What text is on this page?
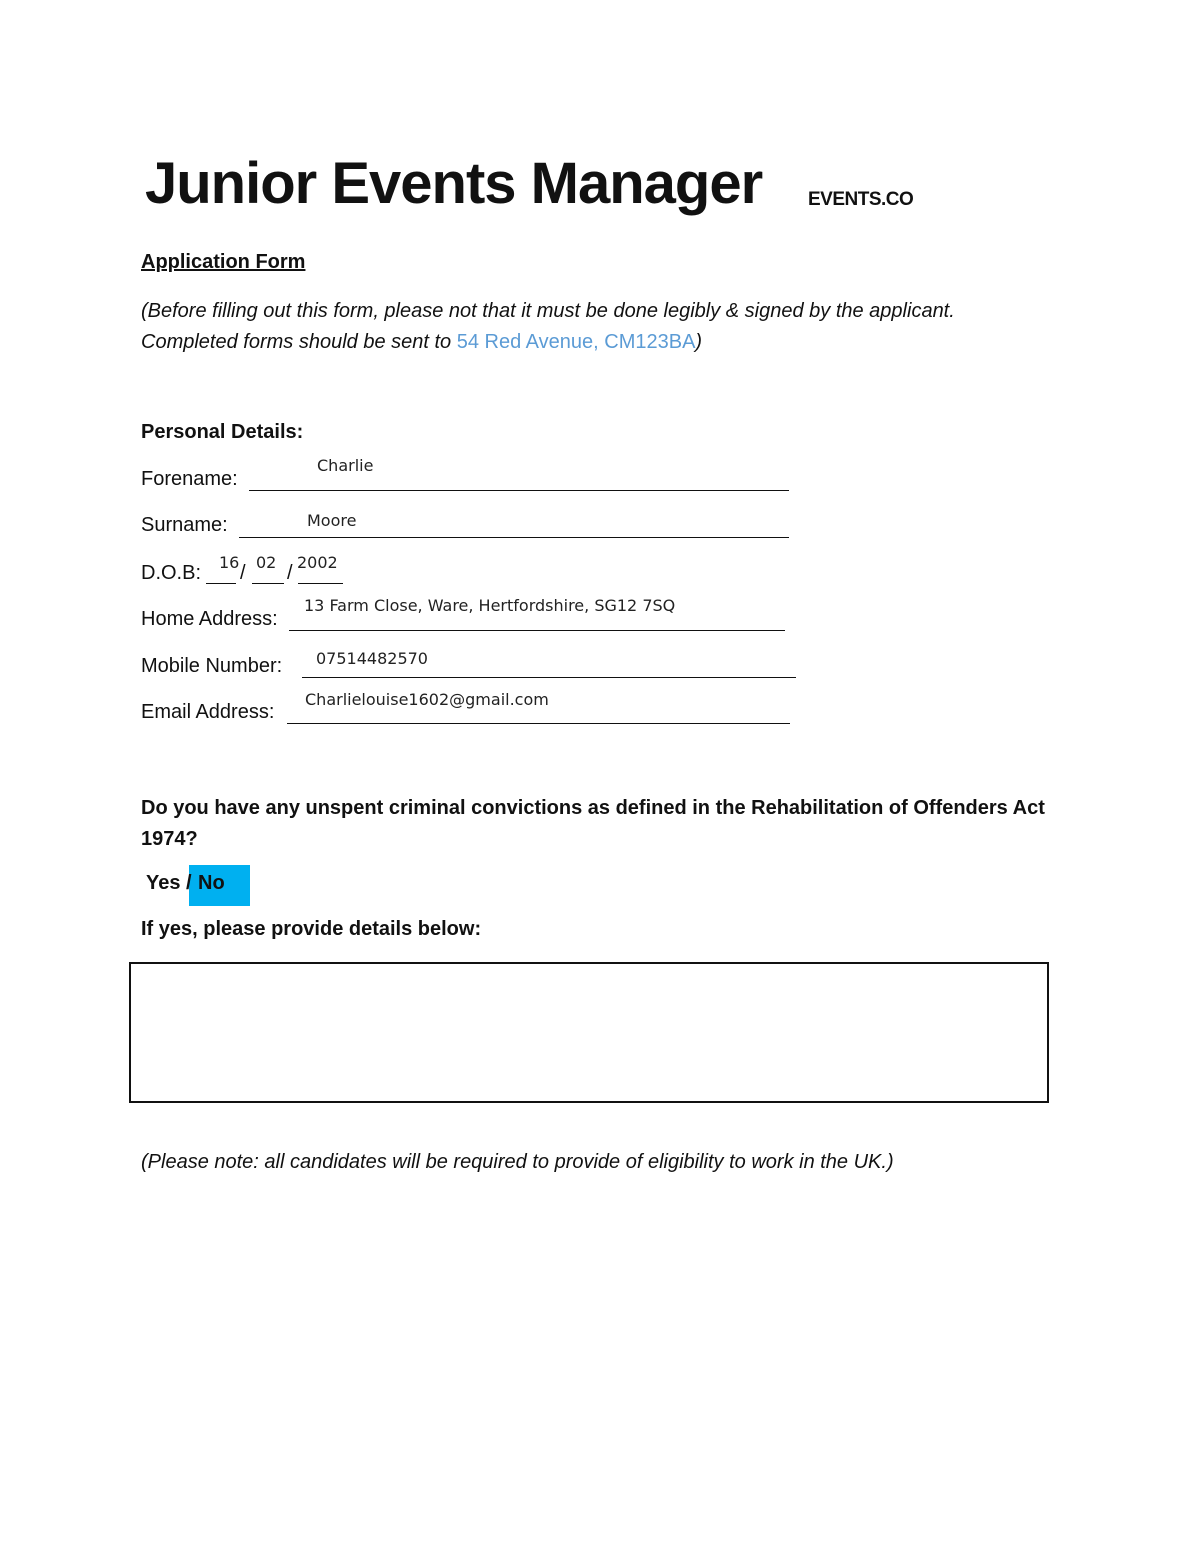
Junior Events Manager EVENTS.CO
Application Form
(Before filling out this form, please not that it must be done legibly & signed by the applicant.
Completed forms should be sent to 54 Red Avenue, CM123BA)
Personal Details:
Forename:
Charlie
Surname:	Moore
D.O.B: / /
16 02 2002
Home Address:
13 Farm Close, Ware, Hertfordshire, SG12 7SQ
Mobile Number: 07514482570
Email Address:
Charlielouise1602@gmail.com
Do you have any unspent criminal convictions as defined in the Rehabilitation of Offenders Act 1974?
Yes / No
If yes, please provide details below:
(Please note: all candidates will be required to provide of eligibility to work in the UK.)
